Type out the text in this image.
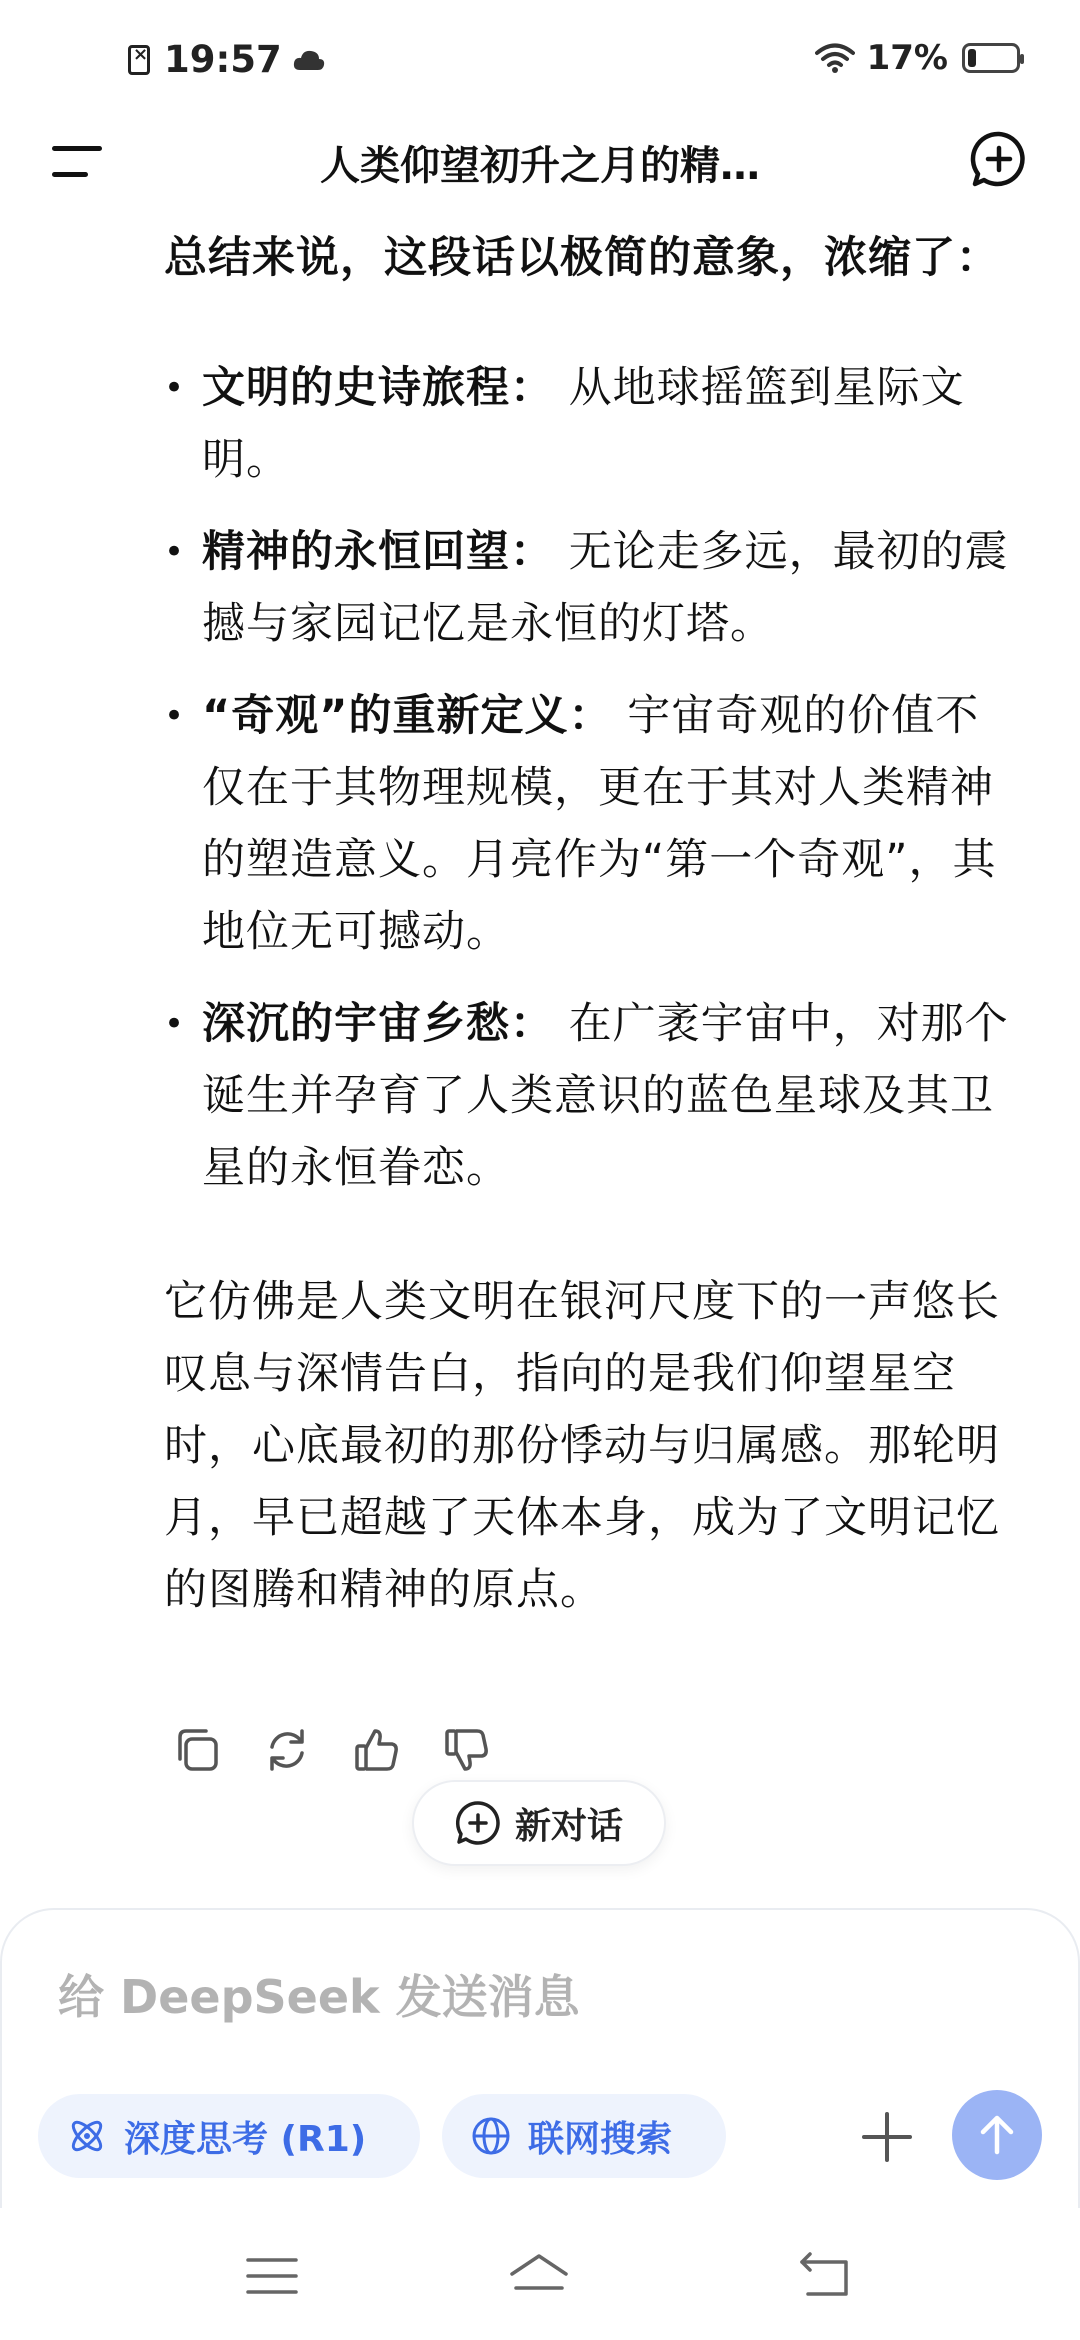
×
19:57	17%
人类仰望初升之月的精…

总结来说，这段话以极简的意象，浓缩了：

• 文明的史诗旅程： 从地球摇篮到星际文明。
• 精神的永恒回望： 无论走多远，最初的震撼与家园记忆是永恒的灯塔。
• “奇观”的重新定义： 宇宙奇观的价值不仅在于其物理规模，更在于其对人类精神的塑造意义。月亮作为“第一个奇观”，其地位无可撼动。
• 深沉的宇宙乡愁： 在广袤宇宙中，对那个诞生并孕育了人类意识的蓝色星球及其卫星的永恒眷恋。

它仿佛是人类文明在银河尺度下的一声悠长叹息与深情告白，指向的是我们仰望星空时，心底最初的那份悸动与归属感。那轮明月，早已超越了天体本身，成为了文明记忆的图腾和精神的原点。

新对话
给 DeepSeek 发送消息
深度思考 (R1)	联网搜索
